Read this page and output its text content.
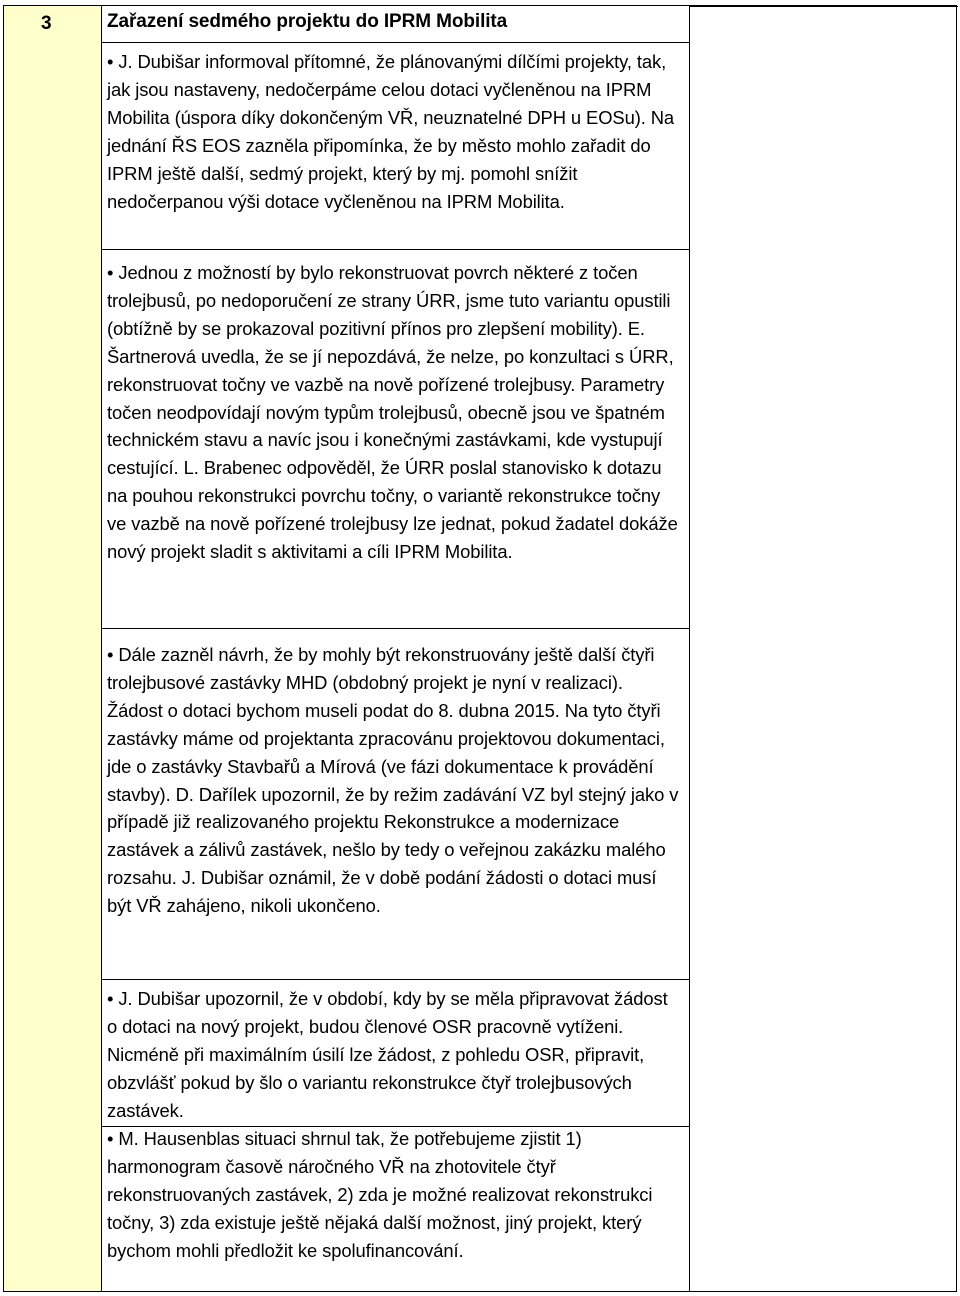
3	Zařazení sedmého projektu do IPRM Mobilita

• J. Dubišar informoval přítomné, že plánovanými dílčími projekty, tak, jak jsou nastaveny, nedočerpáme celou dotaci vyčleněnou na IPRM Mobilita (úspora díky dokončeným VŘ, neuznatelné DPH u EOSu). Na jednání ŘS EOS zazněla připomínka, že by město mohlo zařadit do IPRM ještě další, sedmý projekt, který by mj. pomohl snížit nedočerpanou výši dotace vyčleněnou na IPRM Mobilita.

• Jednou z možností by bylo rekonstruovat povrch některé z točen trolejbusů, po nedoporučení ze strany ÚRR, jsme tuto variantu opustili (obtížně by se prokazoval pozitivní přínos pro zlepšení mobility). E. Šartnerová uvedla, že se jí nepozdává, že nelze, po konzultaci s ÚRR, rekonstruovat točny ve vazbě na nově pořízené trolejbusy. Parametry točen neodpovídají novým typům trolejbusů, obecně jsou ve špatném technickém stavu a navíc jsou i konečnými zastávkami, kde vystupují cestující. L. Brabenec odpověděl, že ÚRR poslal stanovisko k dotazu na pouhou rekonstrukci povrchu točny, o variantě rekonstrukce točny ve vazbě na nově pořízené trolejbusy lze jednat, pokud žadatel dokáže nový projekt sladit s aktivitami a cíli IPRM Mobilita.

• Dále zazněl návrh, že by mohly být rekonstruovány ještě další čtyři trolejbusové zastávky MHD (obdobný projekt je nyní v realizaci). Žádost o dotaci bychom museli podat do 8. dubna 2015. Na tyto čtyři zastávky máme od projektanta zpracovánu projektovou dokumentaci, jde o zastávky Stavbařů a Mírová (ve fázi dokumentace k provádění stavby). D. Dařílek upozornil, že by režim zadávání VZ byl stejný jako v případě již realizovaného projektu Rekonstrukce a modernizace zastávek a zálivů zastávek, nešlo by tedy o veřejnou zakázku malého rozsahu. J. Dubišar oznámil, že v době podání žádosti o dotaci musí být VŘ zahájeno, nikoli ukončeno.

• J. Dubišar upozornil, že v období, kdy by se měla připravovat žádost o dotaci na nový projekt, budou členové OSR pracovně vytíženi. Nicméně při maximálním úsilí lze žádost, z pohledu OSR, připravit, obzvlášť pokud by šlo o variantu rekonstrukce čtyř trolejbusových zastávek.

• M. Hausenblas situaci shrnul tak, že potřebujeme zjistit 1) harmonogram časově náročného VŘ na zhotovitele čtyř rekonstruovaných zastávek, 2) zda je možné realizovat rekonstrukci točny, 3) zda existuje ještě nějaká další možnost, jiný projekt, který bychom mohli předložit ke spolufinancování.
